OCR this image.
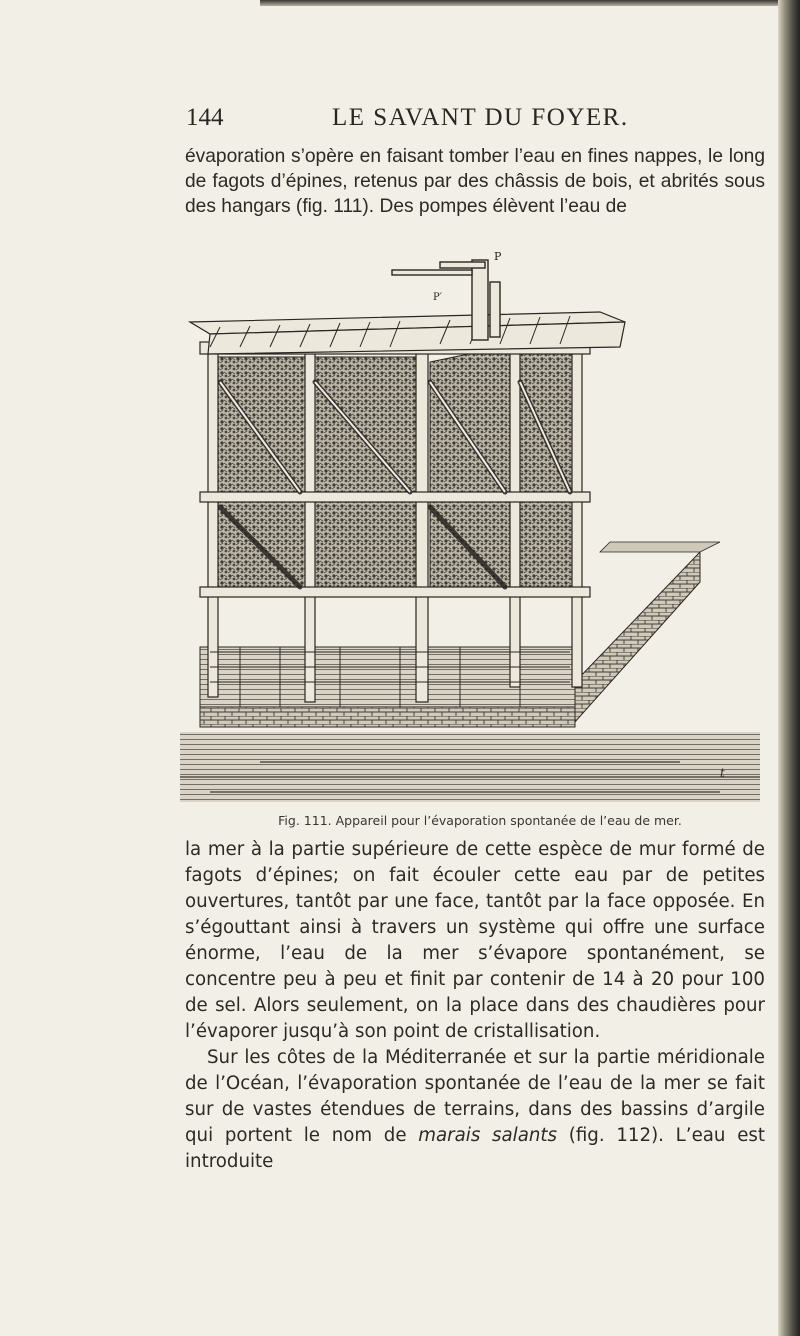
144	LE SAVANT DU FOYER.

évaporation s’opère en faisant tomber l’eau en fines nappes, le long de fagots d’épines, retenus par des châssis de bois, et abrités sous des hangars (fig. 111). Des pompes élèvent l’eau de

P
P′
t
Fig. 111. Appareil pour l’évaporation spontanée de l’eau de mer.

la mer à la partie supérieure de cette espèce de mur formé de fagots d’épines; on fait écouler cette eau par de petites ouvertures, tantôt par une face, tantôt par la face opposée. En s’égouttant ainsi à travers un système qui offre une surface énorme, l’eau de la mer s’évapore spontanément, se concentre peu à peu et finit par contenir de 14 à 20 pour 100 de sel. Alors seulement, on la place dans des chaudières pour l’évaporer jusqu’à son point de cristallisation.

Sur les côtes de la Méditerranée et sur la partie méridionale de l’Océan, l’évaporation spontanée de l’eau de la mer se fait sur de vastes étendues de terrains, dans des bassins d’argile qui portent le nom de marais salants (fig. 112). L’eau est introduite
